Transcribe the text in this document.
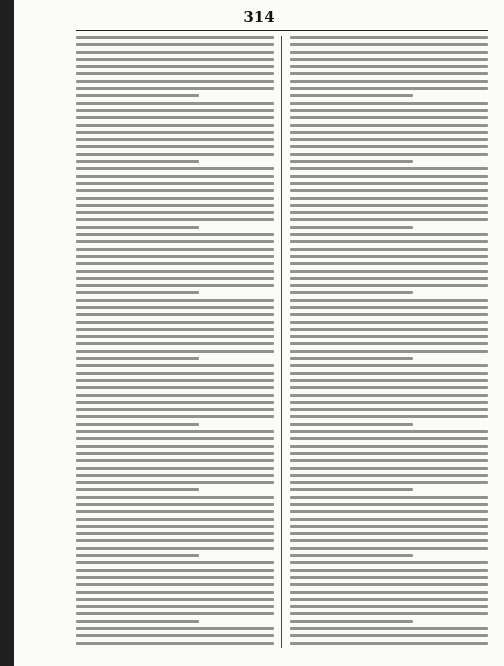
314
